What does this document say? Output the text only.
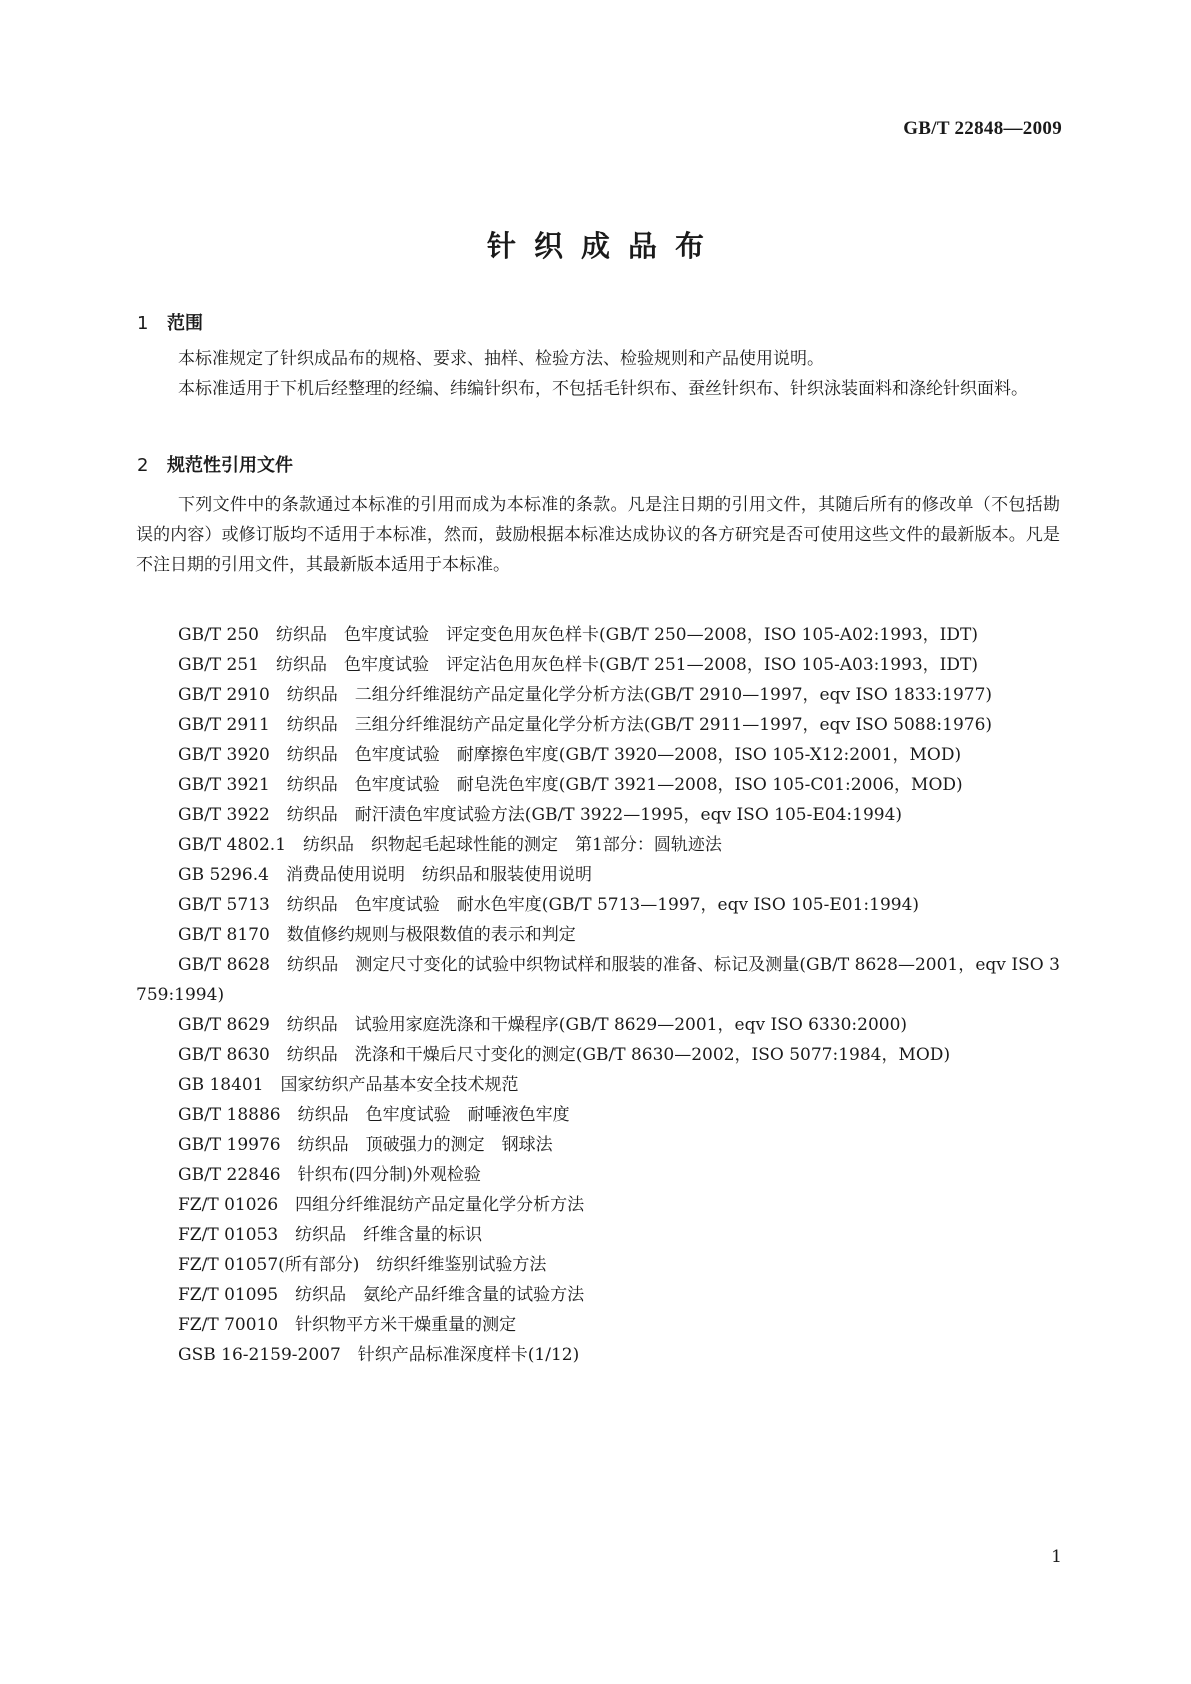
GB/T 22848—2009
针织成品布
1 范围

本标准规定了针织成品布的规格、要求、抽样、检验方法、检验规则和产品使用说明。

本标准适用于下机后经整理的经编、纬编针织布，不包括毛针织布、蚕丝针织布、针织泳装面料和涤纶针织面料。

2 规范性引用文件

下列文件中的条款通过本标准的引用而成为本标准的条款。凡是注日期的引用文件，其随后所有的修改单（不包括勘误的内容）或修订版均不适用于本标准，然而，鼓励根据本标准达成协议的各方研究是否可使用这些文件的最新版本。凡是不注日期的引用文件，其最新版本适用于本标准。

GB/T 250　纺织品　色牢度试验　评定变色用灰色样卡(GB/T 250—2008，ISO 105-A02:1993，IDT)
GB/T 251　纺织品　色牢度试验　评定沾色用灰色样卡(GB/T 251—2008，ISO 105-A03:1993，IDT)
GB/T 2910　纺织品　二组分纤维混纺产品定量化学分析方法(GB/T 2910—1997，eqv ISO 1833:1977)
GB/T 2911　纺织品　三组分纤维混纺产品定量化学分析方法(GB/T 2911—1997，eqv ISO 5088:1976)
GB/T 3920　纺织品　色牢度试验　耐摩擦色牢度(GB/T 3920—2008，ISO 105-X12:2001，MOD)
GB/T 3921　纺织品　色牢度试验　耐皂洗色牢度(GB/T 3921—2008，ISO 105-C01:2006，MOD)
GB/T 3922　纺织品　耐汗渍色牢度试验方法(GB/T 3922—1995，eqv ISO 105-E04:1994)
GB/T 4802.1　纺织品　织物起毛起球性能的测定　第1部分：圆轨迹法
GB 5296.4　消费品使用说明　纺织品和服装使用说明
GB/T 5713　纺织品　色牢度试验　耐水色牢度(GB/T 5713—1997，eqv ISO 105-E01:1994)
GB/T 8170　数值修约规则与极限数值的表示和判定
GB/T 8628　纺织品　测定尺寸变化的试验中织物试样和服装的准备、标记及测量(GB/T 8628—2001，eqv ISO 3759:1994)
GB/T 8629　纺织品　试验用家庭洗涤和干燥程序(GB/T 8629—2001，eqv ISO 6330:2000)
GB/T 8630　纺织品　洗涤和干燥后尺寸变化的测定(GB/T 8630—2002，ISO 5077:1984，MOD)
GB 18401　国家纺织产品基本安全技术规范
GB/T 18886　纺织品　色牢度试验　耐唾液色牢度
GB/T 19976　纺织品　顶破强力的测定　钢球法
GB/T 22846　针织布(四分制)外观检验
FZ/T 01026　四组分纤维混纺产品定量化学分析方法
FZ/T 01053　纺织品　纤维含量的标识
FZ/T 01057(所有部分)　纺织纤维鉴别试验方法
FZ/T 01095　纺织品　氨纶产品纤维含量的试验方法
FZ/T 70010　针织物平方米干燥重量的测定
GSB 16-2159-2007　针织产品标准深度样卡(1/12)
1
